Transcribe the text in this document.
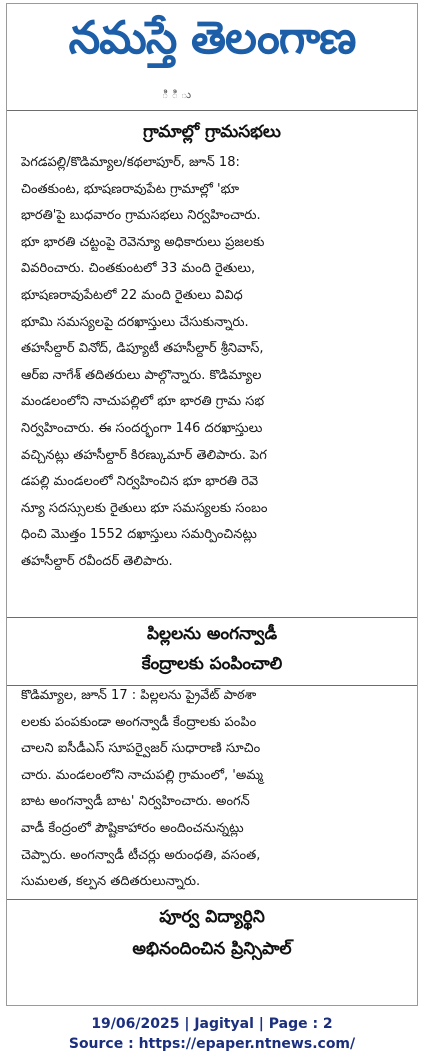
నమస్తే తెలంగాణ
ి ి ు
గ్రామాల్లో గ్రామసభలు
పెగడపల్లి/కొడిమ్యాల/కథలాపూర్, జూన్ 18:
చింతకుంట, భూషణరావుపేట గ్రామాల్లో 'భూ
భారతి'పై బుధవారం గ్రామసభలు నిర్వహించారు.
భూ భారతి చట్టంపై రెవెన్యూ అధికారులు ప్రజలకు
వివరించారు. చింతకుంటలో 33 మంది రైతులు,
భూషణరావుపేటలో 22 మంది రైతులు వివిధ
భూమి సమస్యలపై దరఖాస్తులు చేసుకున్నారు.
తహసీల్దార్ వినోద్, డిప్యూటీ తహసీల్దార్ శ్రీనివాస్,
ఆర్ఐ నాగేశ్ తదితరులు పాల్గొన్నారు. కొడిమ్యాల
మండలంలోని నాచుపల్లిలో భూ భారతి గ్రామ సభ
నిర్వహించారు. ఈ సందర్భంగా 146 దరఖాస్తులు
వచ్చినట్లు తహసీల్దార్ కిరణ్కుమార్ తెలిపారు. పెగ
డపల్లి మండలంలో నిర్వహించిన భూ భారతి రెవె
న్యూ సదస్సులకు రైతులు భూ సమస్యలకు సంబం
ధించి మొత్తం 1552 దఖాస్తులు సమర్పించినట్లు
తహసీల్దార్ రవీందర్ తెలిపారు.
పిల్లలను అంగన్వాడీ
కేంద్రాలకు పంపించాలి
కొడిమ్యాల, జూన్ 17 : పిల్లలను ప్రైవేట్ పాఠశా
లలకు పంపకుండా అంగన్వాడీ కేంద్రాలకు పంపిం
చాలని ఐసీడీఎస్ సూపర్వైజర్ సుధారాణి సూచిం
చారు. మండలంలోని నాచుపల్లి గ్రామంలో, 'అమ్మ
బాట అంగన్వాడీ బాట' నిర్వహించారు. అంగన్
వాడీ కేంద్రంలో పౌష్టికాహారం అందించనున్నట్లు
చెప్పారు. అంగన్వాడీ టీచర్లు అరుంధతి, వసంత,
సుమలత, కల్పన తదితరులున్నారు.
పూర్వ విద్యార్థిని
అభినందించిన ప్రిన్సిపాల్
19/06/2025 | Jagityal | Page : 2
Source : https://epaper.ntnews.com/
